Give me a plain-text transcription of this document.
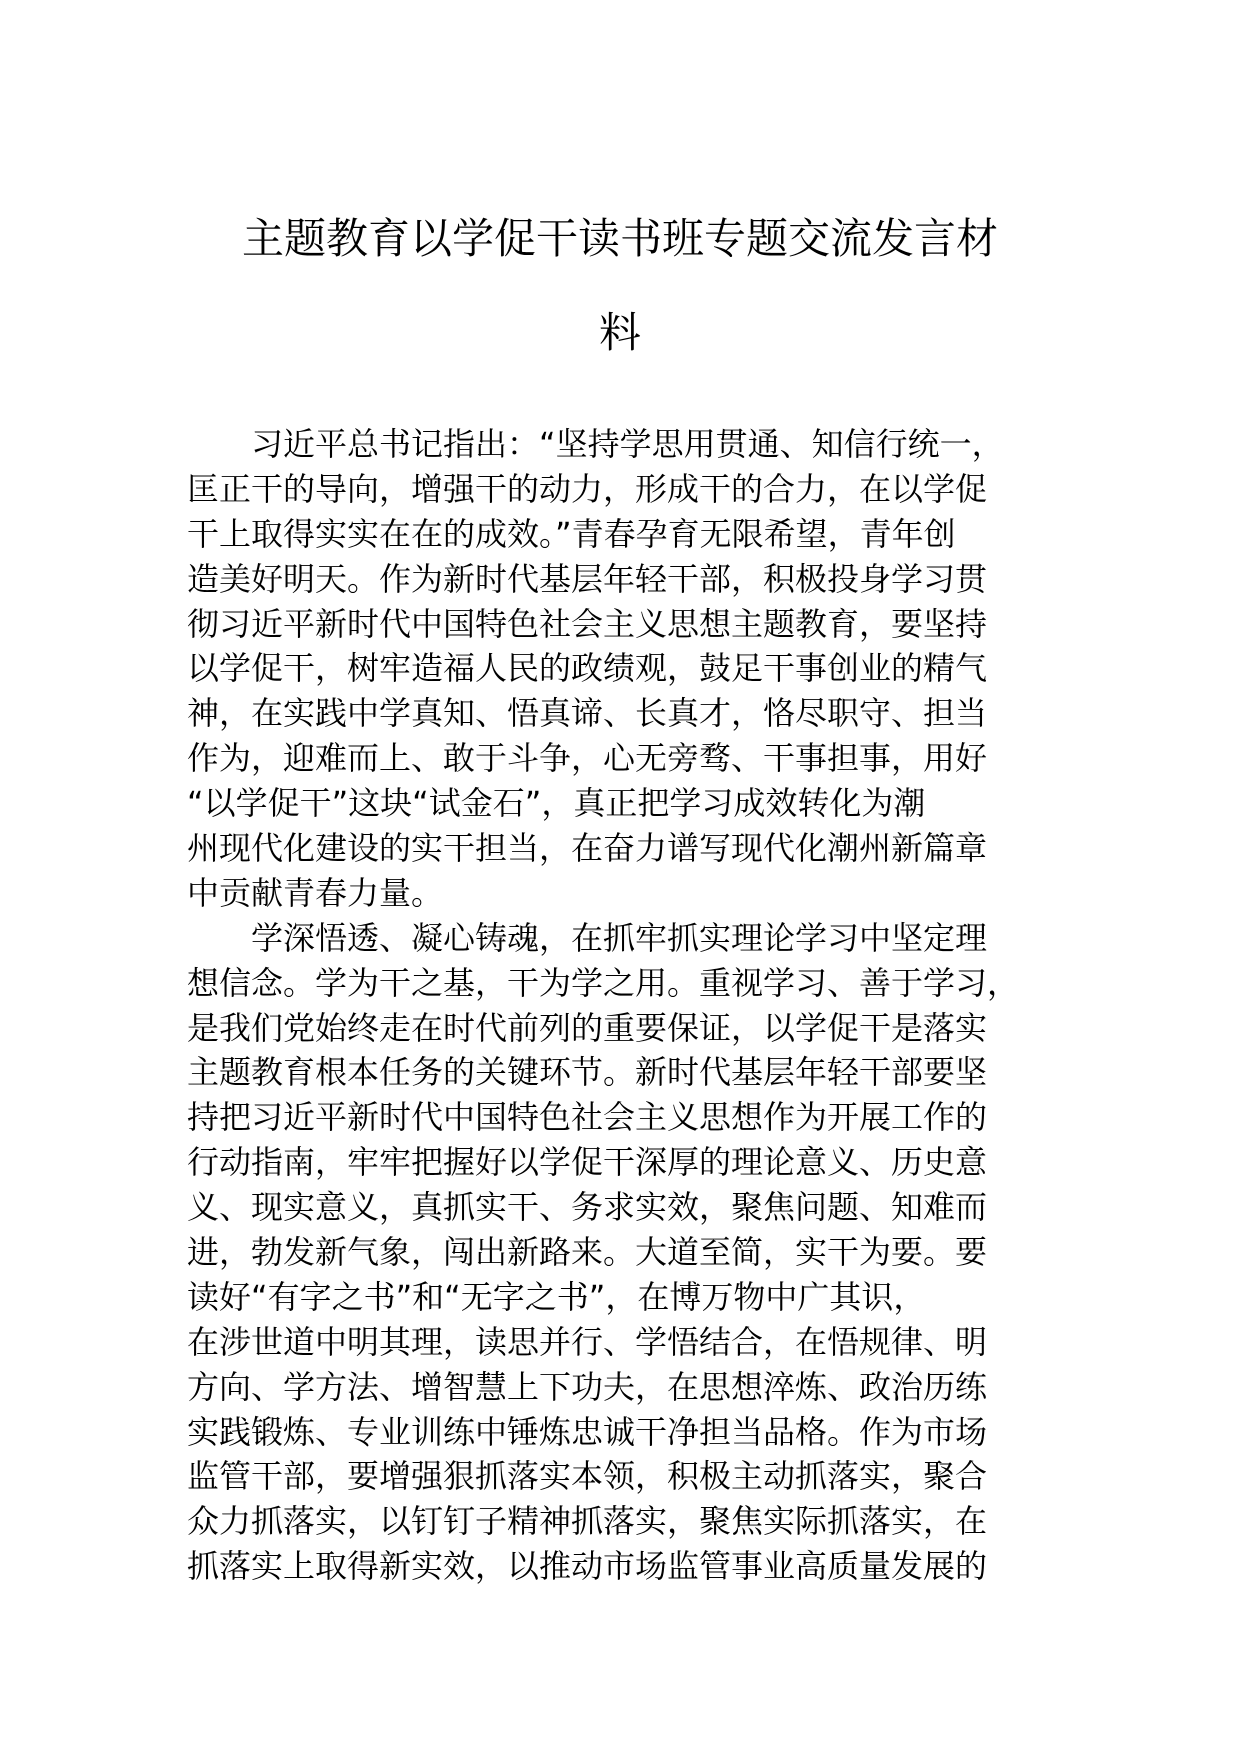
主题教育以学促干读书班专题交流发言材
料
　　习近平总书记指出：“坚持学思用贯通、知信行统一，
匡正干的导向，增强干的动力，形成干的合力，在以学促
干上取得实实在在的成效。”青春孕育无限希望，青年创
造美好明天。作为新时代基层年轻干部，积极投身学习贯
彻习近平新时代中国特色社会主义思想主题教育，要坚持
以学促干，树牢造福人民的政绩观，鼓足干事创业的精气
神，在实践中学真知、悟真谛、长真才，恪尽职守、担当
作为，迎难而上、敢于斗争，心无旁骛、干事担事，用好
“以学促干”这块“试金石”，真正把学习成效转化为潮
州现代化建设的实干担当，在奋力谱写现代化潮州新篇章
中贡献青春力量。
　　学深悟透、凝心铸魂，在抓牢抓实理论学习中坚定理
想信念。学为干之基，干为学之用。重视学习、善于学习，
是我们党始终走在时代前列的重要保证，以学促干是落实
主题教育根本任务的关键环节。新时代基层年轻干部要坚
持把习近平新时代中国特色社会主义思想作为开展工作的
行动指南，牢牢把握好以学促干深厚的理论意义、历史意
义、现实意义，真抓实干、务求实效，聚焦问题、知难而
进，勃发新气象，闯出新路来。大道至简，实干为要。要
读好“有字之书”和“无字之书”，在博万物中广其识，
在涉世道中明其理，读思并行、学悟结合，在悟规律、明
方向、学方法、增智慧上下功夫，在思想淬炼、政治历练
实践锻炼、专业训练中锤炼忠诚干净担当品格。作为市场
监管干部，要增强狠抓落实本领，积极主动抓落实，聚合
众力抓落实，以钉钉子精神抓落实，聚焦实际抓落实，在
抓落实上取得新实效，以推动市场监管事业高质量发展的
